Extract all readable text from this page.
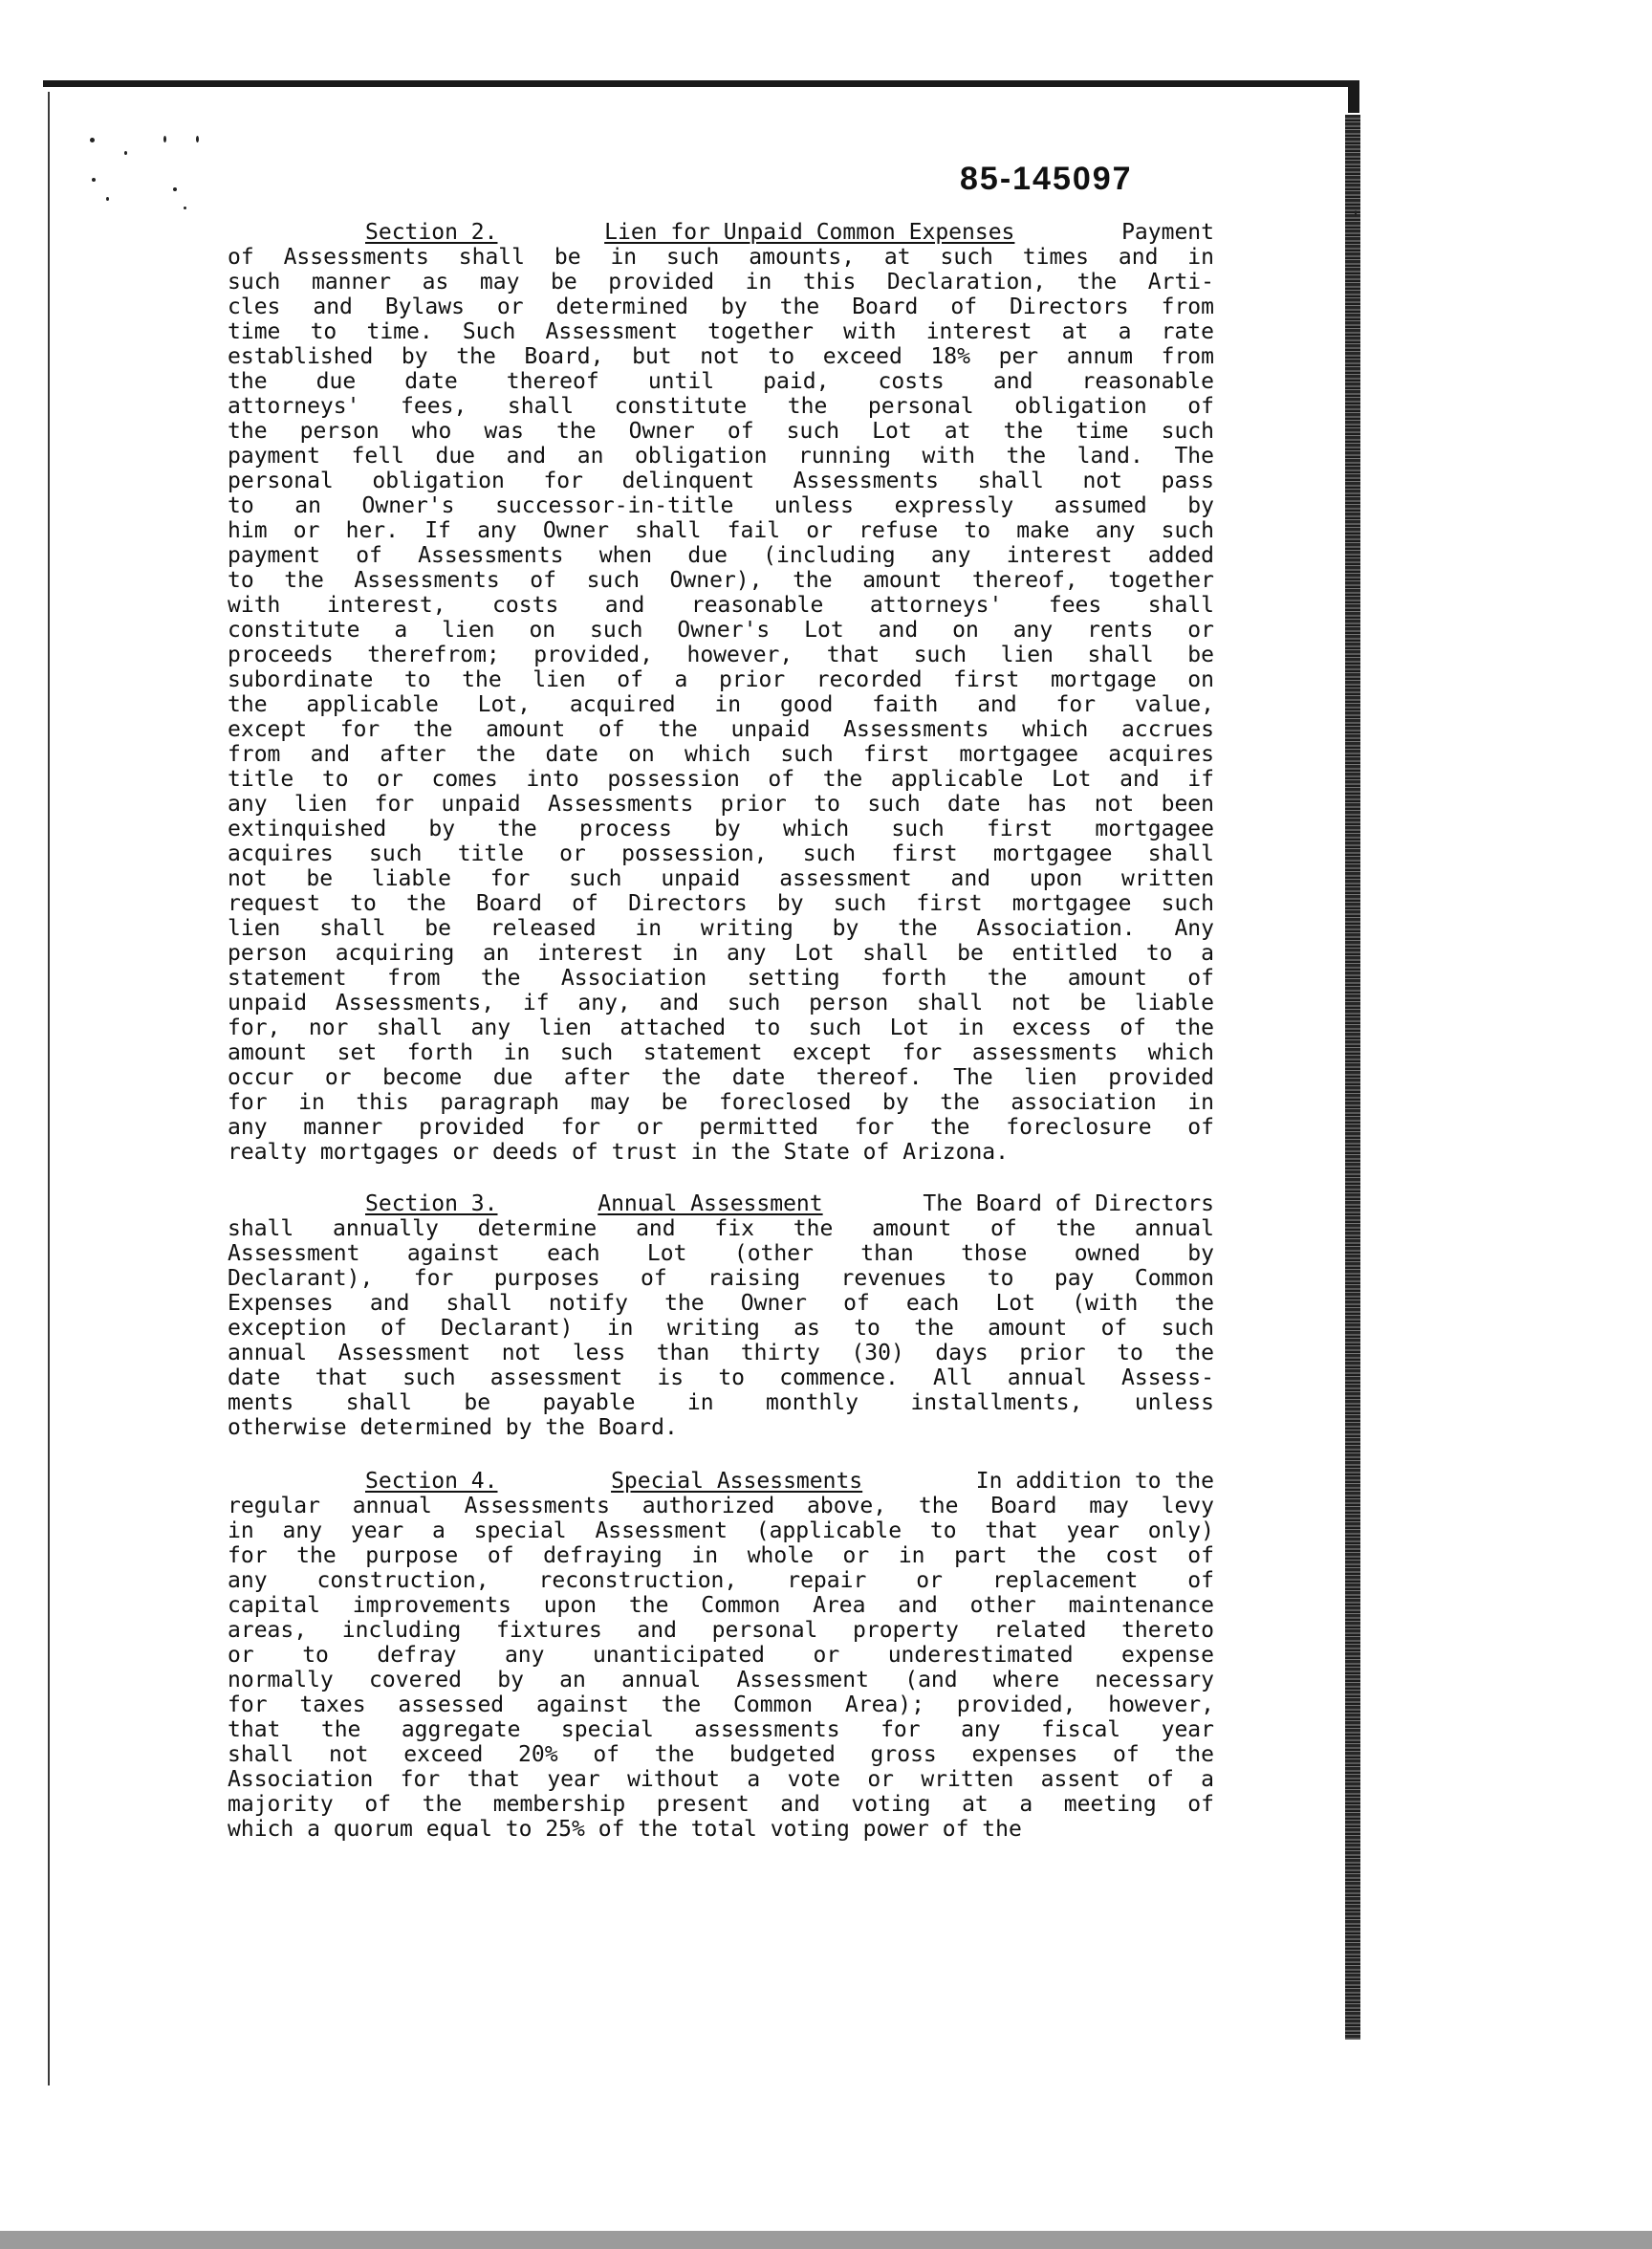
85-145097
Section 2.	Lien for Unpaid Common Expenses	Payment
of Assessments shall be in such amounts, at such times and in
such manner as may be provided in this Declaration, the Arti-
cles and Bylaws or determined by the Board of Directors from
time to time. Such Assessment together with interest at a rate
established by the Board, but not to exceed 18% per annum from
the due date thereof until paid, costs and reasonable
attorneys' fees, shall constitute the personal obligation of
the person who was the Owner of such Lot at the time such
payment fell due and an obligation running with the land. The
personal obligation for delinquent Assessments shall not pass
to an Owner's successor-in-title unless expressly assumed by
him or her. If any Owner shall fail or refuse to make any such
payment of Assessments when due (including any interest added
to the Assessments of such Owner), the amount thereof, together
with interest, costs and reasonable attorneys' fees shall
constitute a lien on such Owner's Lot and on any rents or
proceeds therefrom; provided, however, that such lien shall be
subordinate to the lien of a prior recorded first mortgage on
the applicable Lot, acquired in good faith and for value,
except for the amount of the unpaid Assessments which accrues
from and after the date on which such first mortgagee acquires
title to or comes into possession of the applicable Lot and if
any lien for unpaid Assessments prior to such date has not been
extinquished by the process by which such first mortgagee
acquires such title or possession, such first mortgagee shall
not be liable for such unpaid assessment and upon written
request to the Board of Directors by such first mortgagee such
lien shall be released in writing by the Association. Any
person acquiring an interest in any Lot shall be entitled to a
statement from the Association setting forth the amount of
unpaid Assessments, if any, and such person shall not be liable
for, nor shall any lien attached to such Lot in excess of the
amount set forth in such statement except for assessments which
occur or become due after the date thereof. The lien provided
for in this paragraph may be foreclosed by the association in
any manner provided for or permitted for the foreclosure of
realty mortgages or deeds of trust in the State of Arizona.
Section 3.	Annual Assessment	The Board of Directors
shall annually determine and fix the amount of the annual
Assessment against each Lot (other than those owned by
Declarant), for purposes of raising revenues to pay Common
Expenses and shall notify the Owner of each Lot (with the
exception of Declarant) in writing as to the amount of such
annual Assessment not less than thirty (30) days prior to the
date that such assessment is to commence. All annual Assess-
ments shall be payable in monthly installments, unless
otherwise determined by the Board.
Section 4.	Special Assessments	In addition to the
regular annual Assessments authorized above, the Board may levy
in any year a special Assessment (applicable to that year only)
for the purpose of defraying in whole or in part the cost of
any construction, reconstruction, repair or replacement of
capital improvements upon the Common Area and other maintenance
areas, including fixtures and personal property related thereto
or to defray any unanticipated or underestimated expense
normally covered by an annual Assessment (and where necessary
for taxes assessed against the Common Area); provided, however,
that the aggregate special assessments for any fiscal year
shall not exceed 20% of the budgeted gross expenses of the
Association for that year without a vote or written assent of a
majority of the membership present and voting at a meeting of
which a quorum equal to 25% of the total voting power of the
